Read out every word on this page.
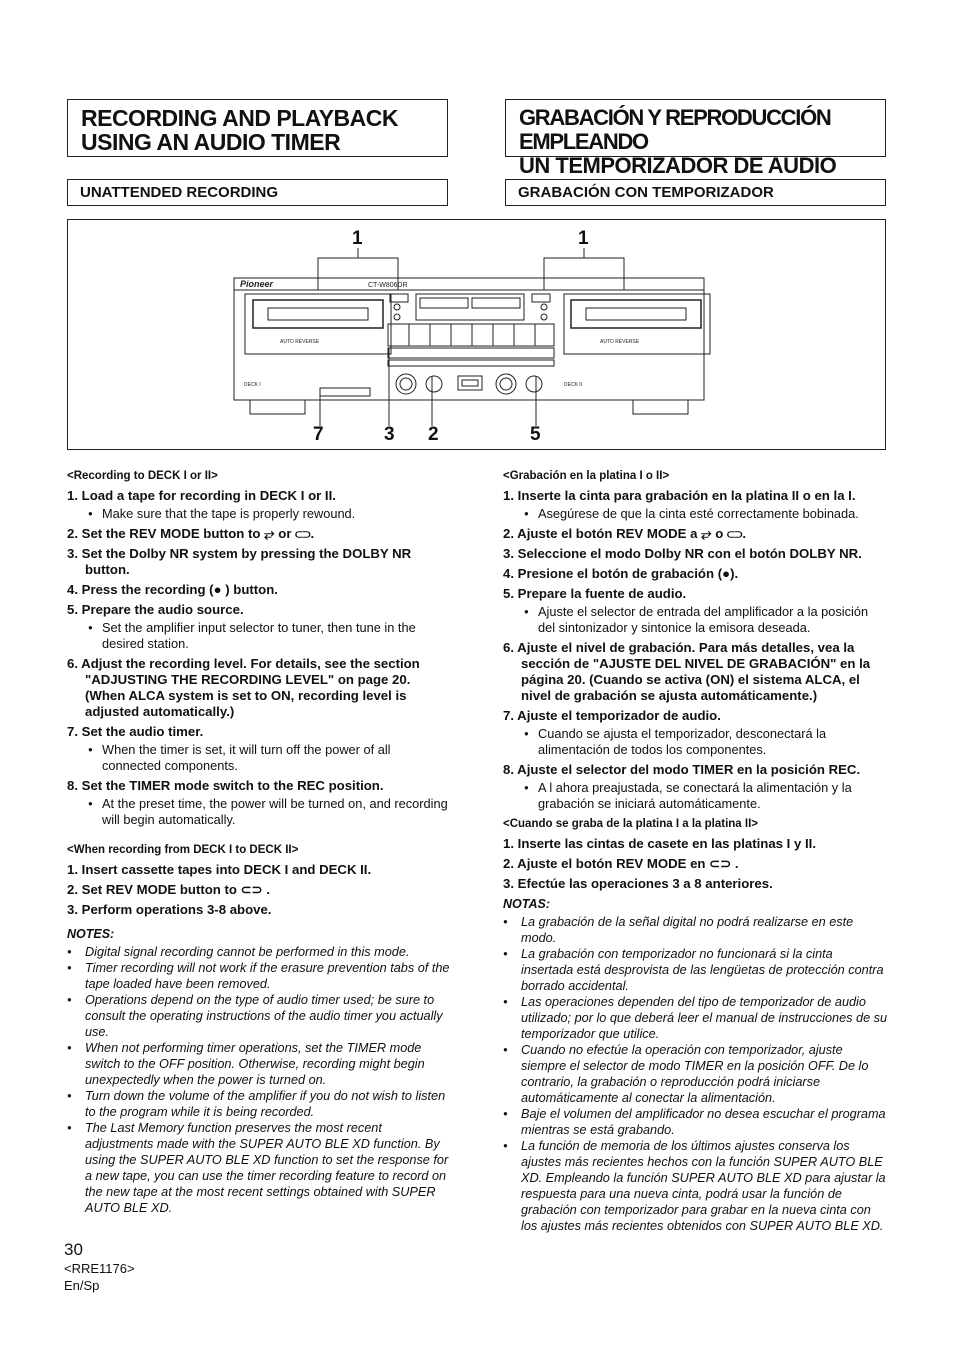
RECORDING AND PLAYBACK
USING AN AUDIO TIMER
GRABACIÓN Y REPRODUCCIÓN EMPLEANDO
UN TEMPORIZADOR DE AUDIO
UNATTENDED RECORDING	GRABACIÓN CON TEMPORIZADOR
Pioneer	CT-W806DR
AUTO REVERSE	AUTO REVERSE
DECK I	DECK II
1	1
7	3 2	5
<Recording to DECK I or II>
1. Load a tape for recording in DECK I or II.
● Make sure that the tape is properly rewound.
2. Set the REV MODE button to ⥂ or ⊂⊃.
3. Set the Dolby NR system by pressing the DOLBY NR button.
4. Press the recording (● ) button.
5. Prepare the audio source.
● Set the amplifier input selector to tuner, then tune in the desired station.
6. Adjust the recording level. For details, see the section "ADJUSTING THE RECORDING LEVEL" on page 20. (When ALCA system is set to ON, recording level is adjusted automatically.)
7. Set the audio timer.
● When the timer is set, it will turn off the power of all connected components.
8. Set the TIMER mode switch to the REC position.
● At the preset time, the power will be turned on, and recording will begin automatically.
<When recording from DECK I to DECK II>
1. Insert cassette tapes into DECK I and DECK II.
2. Set REV MODE button to ⊂⊃ .
3. Perform operations 3-8 above.
NOTES:
● Digital signal recording cannot be performed in this mode.
● Timer recording will not work if the erasure prevention tabs of the tape loaded have been removed.
● Operations depend on the type of audio timer used; be sure to consult the operating instructions of the audio timer you actually use.
● When not performing timer operations, set the TIMER mode switch to the OFF position. Otherwise, recording might begin unexpectedly when the power is turned on.
● Turn down the volume of the amplifier if you do not wish to listen to the program while it is being recorded.
● The Last Memory function preserves the most recent adjustments made with the SUPER AUTO BLE XD function. By using the SUPER AUTO BLE XD function to set the response for a new tape, you can use the timer recording feature to record on the new tape at the most recent settings obtained with SUPER AUTO BLE XD.
<Grabación en la platina I o II>
1. Inserte la cinta para grabación en la platina II o en la I.
● Asegúrese de que la cinta esté correctamente bobinada.
2. Ajuste el botón REV MODE a ⥂ o ⊂⊃.
3. Seleccione el modo Dolby NR con el botón DOLBY NR.
4. Presione el botón de grabación (●).
5. Prepare la fuente de audio.
● Ajuste el selector de entrada del amplificador a la posición del sintonizador y sintonice la emisora deseada.
6. Ajuste el nivel de grabación. Para más detalles, vea la sección de "AJUSTE DEL NIVEL DE GRABACIÓN" en la página 20. (Cuando se activa (ON) el sistema ALCA, el nivel de grabación se ajusta automáticamente.)
7. Ajuste el temporizador de audio.
● Cuando se ajusta el temporizador, desconectará la alimentación de todos los componentes.
8. Ajuste el selector del modo TIMER en la posición REC.
● A l ahora preajustada, se conectará la alimentación y la grabación se iniciará automáticamente.
<Cuando se graba de la platina I a la platina II>
1. Inserte las cintas de casete en las platinas I y II.
2. Ajuste el botón REV MODE en ⊂⊃ .
3. Efectúe las operaciones 3 a 8 anteriores.
NOTAS:
● La grabación de la señal digital no podrá realizarse en este modo.
● La grabación con temporizador no funcionará si la cinta insertada está desprovista de las lengüetas de protección contra borrado accidental.
● Las operaciones dependen del tipo de temporizador de audio utilizado; por lo que deberá leer el manual de instrucciones de su temporizador que utilice.
● Cuando no efectúe la operación con temporizador, ajuste siempre el selector de modo TIMER en la posición OFF. De lo contrario, la grabación o reproducción podrá iniciarse automáticamente al conectar la alimentación.
● Baje el volumen del amplificador no desea escuchar el programa mientras se está grabando.
● La función de memoria de los últimos ajustes conserva los ajustes más recientes hechos con la función SUPER AUTO BLE XD. Empleando la función SUPER AUTO BLE XD para ajustar la respuesta para una nueva cinta, podrá usar la función de grabación con temporizador para grabar en la nueva cinta con los ajustes más recientes obtenidos con SUPER AUTO BLE XD.
30
<RRE1176>
En/Sp
